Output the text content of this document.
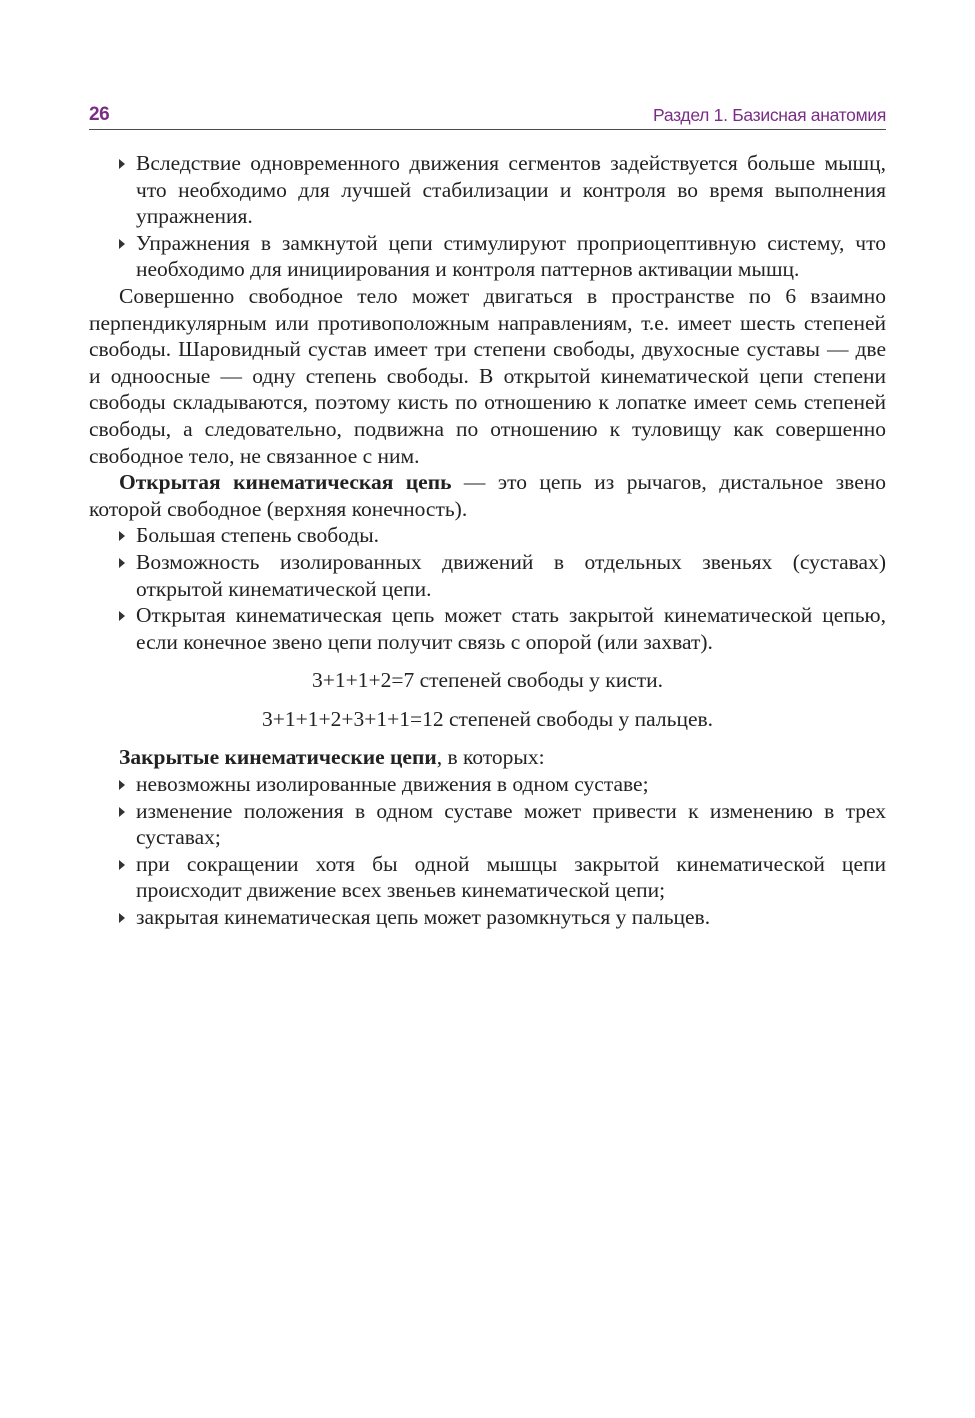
26	Раздел 1. Базисная анатомия
Вследствие одновременного движения сегментов задействуется больше мышц, что необходимо для лучшей стабилизации и контроля во время выполнения упражнения.
Упражнения в замкнутой цепи стимулируют проприоцептивную систему, что необходимо для инициирования и контроля паттернов активации мышц.

Совершенно свободное тело может двигаться в пространстве по 6 взаимно перпендикулярным или противоположным направлениям, т.е. имеет шесть степеней свободы. Шаровидный сустав имеет три степени свободы, двухосные суставы — две и одноосные — одну степень свободы. В открытой кинематической цепи степени свободы складываются, поэтому кисть по отношению к лопатке имеет семь степеней свободы, а следовательно, подвижна по отношению к туловищу как совершенно свободное тело, не связанное с ним.

Открытая кинематическая цепь — это цепь из рычагов, дистальное звено которой свободное (верхняя конечность).

Большая степень свободы.
Возможность изолированных движений в отдельных звеньях (суставах) открытой кинематической цепи.
Открытая кинематическая цепь может стать закрытой кинематической цепью, если конечное звено цепи получит связь с опорой (или захват).

3+1+1+2=7 степеней свободы у кисти.

3+1+1+2+3+1+1=12 степеней свободы у пальцев.

Закрытые кинематические цепи, в которых:

невозможны изолированные движения в одном суставе;
изменение положения в одном суставе может привести к изменению в трех суставах;
при сокращении хотя бы одной мышцы закрытой кинематической цепи происходит движение всех звеньев кинематической цепи;
закрытая кинематическая цепь может разомкнуться у пальцев.
